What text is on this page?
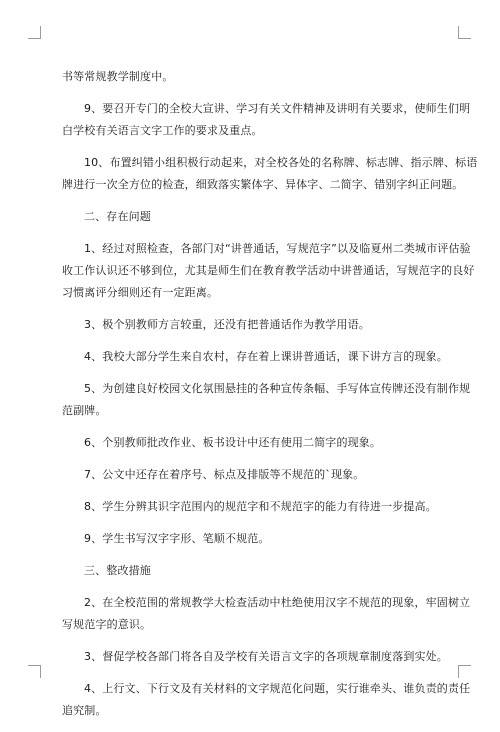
书等常规教学制度中。
9、要召开专门的全校大宣讲、学习有关文件精神及讲明有关要求，使师生们明
白学校有关语言文字工作的要求及重点。
10、布置纠错小组积极行动起来，对全校各处的名称牌、标志牌、指示牌、标语
牌进行一次全方位的检查，细致落实繁体字、异体字、二简字、错别字纠正问题。
二、存在问题
1、经过对照检查，各部门对“讲普通话，写规范字”以及临夏州二类城市评估验
收工作认识还不够到位，尤其是师生们在教育教学活动中讲普通话，写规范字的良好
习惯离评分细则还有一定距离。
3、极个别教师方言较重，还没有把普通话作为教学用语。
4、我校大部分学生来自农村，存在着上课讲普通话，课下讲方言的现象。
5、为创建良好校园文化氛围悬挂的各种宣传条幅、手写体宣传牌还没有制作规
范副牌。
6、个别教师批改作业、板书设计中还有使用二简字的现象。
7、公文中还存在着序号、标点及排版等不规范的`现象。
8、学生分辨其识字范围内的规范字和不规范字的能力有待进一步提高。
9、学生书写汉字字形、笔顺不规范。
三、整改措施
2、在全校范围的常规教学大检查活动中杜绝使用汉字不规范的现象，牢固树立
写规范字的意识。
3、督促学校各部门将各自及学校有关语言文字的各项规章制度落到实处。
4、上行文、下行文及有关材料的文字规范化问题，实行谁牵头、谁负责的责任
追究制。
